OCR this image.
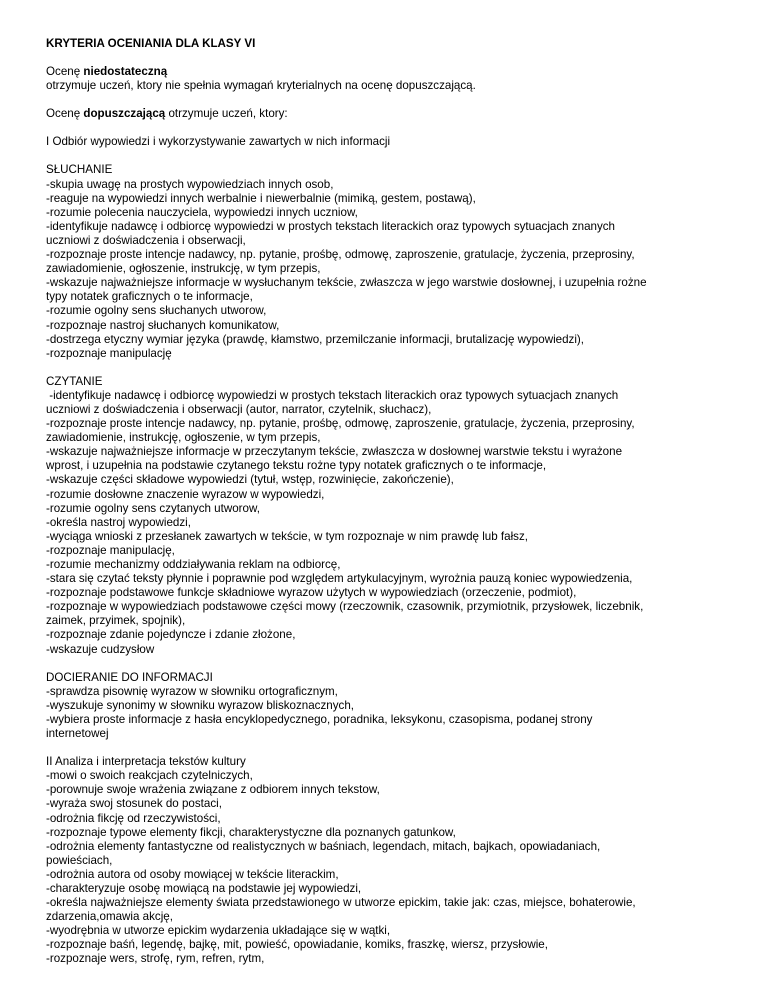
KRYTERIA OCENIANIA DLA KLASY VI
Ocenę niedostateczną
otrzymuje uczeń, ktory nie spełnia wymagań kryterialnych na ocenę dopuszczającą.
Ocenę dopuszczającą otrzymuje uczeń, ktory:
I Odbiór wypowiedzi i wykorzystywanie zawartych w nich informacji
SŁUCHANIE
-skupia uwagę na prostych wypowiedziach innych osob,
-reaguje na wypowiedzi innych werbalnie i niewerbalnie (mimiką, gestem, postawą),
-rozumie polecenia nauczyciela, wypowiedzi innych uczniow,
-identyfikuje nadawcę i odbiorcę wypowiedzi w prostych tekstach literackich oraz typowych sytuacjach znanych
uczniowi z doświadczenia i obserwacji,
-rozpoznaje proste intencje nadawcy, np. pytanie, prośbę, odmowę, zaproszenie, gratulacje, życzenia, przeprosiny,
zawiadomienie, ogłoszenie, instrukcję, w tym przepis,
-wskazuje najważniejsze informacje w wysłuchanym tekście, zwłaszcza w jego warstwie dosłownej, i uzupełnia rożne
typy notatek graficznych o te informacje,
-rozumie ogolny sens słuchanych utworow,
-rozpoznaje nastroj słuchanych komunikatow,
-dostrzega etyczny wymiar języka (prawdę, kłamstwo, przemilczanie informacji, brutalizację wypowiedzi),
-rozpoznaje manipulację
CZYTANIE
-identyfikuje nadawcę i odbiorcę wypowiedzi w prostych tekstach literackich oraz typowych sytuacjach znanych
uczniowi z doświadczenia i obserwacji (autor, narrator, czytelnik, słuchacz),
-rozpoznaje proste intencje nadawcy, np. pytanie, prośbę, odmowę, zaproszenie, gratulacje, życzenia, przeprosiny,
zawiadomienie, instrukcję, ogłoszenie, w tym przepis,
-wskazuje najważniejsze informacje w przeczytanym tekście, zwłaszcza w dosłownej warstwie tekstu i wyrażone
wprost, i uzupełnia na podstawie czytanego tekstu rożne typy notatek graficznych o te informacje,
-wskazuje części składowe wypowiedzi (tytuł, wstęp, rozwinięcie, zakończenie),
-rozumie dosłowne znaczenie wyrazow w wypowiedzi,
-rozumie ogolny sens czytanych utworow,
-określa nastroj wypowiedzi,
-wyciąga wnioski z przesłanek zawartych w tekście, w tym rozpoznaje w nim prawdę lub fałsz,
-rozpoznaje manipulację,
-rozumie mechanizmy oddziaływania reklam na odbiorcę,
-stara się czytać teksty płynnie i poprawnie pod względem artykulacyjnym, wyrożnia pauzą koniec wypowiedzenia,
-rozpoznaje podstawowe funkcje składniowe wyrazow użytych w wypowiedziach (orzeczenie, podmiot),
-rozpoznaje w wypowiedziach podstawowe części mowy (rzeczownik, czasownik, przymiotnik, przysłowek, liczebnik,
zaimek, przyimek, spojnik),
-rozpoznaje zdanie pojedyncze i zdanie złożone,
-wskazuje cudzysłow
DOCIERANIE DO INFORMACJI
-sprawdza pisownię wyrazow w słowniku ortograficznym,
-wyszukuje synonimy w słowniku wyrazow bliskoznacznych,
-wybiera proste informacje z hasła encyklopedycznego, poradnika, leksykonu, czasopisma, podanej strony
internetowej
II Analiza i interpretacja tekstów kultury
-mowi o swoich reakcjach czytelniczych,
-porownuje swoje wrażenia związane z odbiorem innych tekstow,
-wyraża swoj stosunek do postaci,
-odrożnia fikcję od rzeczywistości,
-rozpoznaje typowe elementy fikcji, charakterystyczne dla poznanych gatunkow,
-odrożnia elementy fantastyczne od realistycznych w baśniach, legendach, mitach, bajkach, opowiadaniach,
powieściach,
-odrożnia autora od osoby mowiącej w tekście literackim,
-charakteryzuje osobę mowiącą na podstawie jej wypowiedzi,
-określa najważniejsze elementy świata przedstawionego w utworze epickim, takie jak: czas, miejsce, bohaterowie,
zdarzenia,omawia akcję,
-wyodrębnia w utworze epickim wydarzenia układające się w wątki,
-rozpoznaje baśń, legendę, bajkę, mit, powieść, opowiadanie, komiks, fraszkę, wiersz, przysłowie,
-rozpoznaje wers, strofę, rym, refren, rytm,
